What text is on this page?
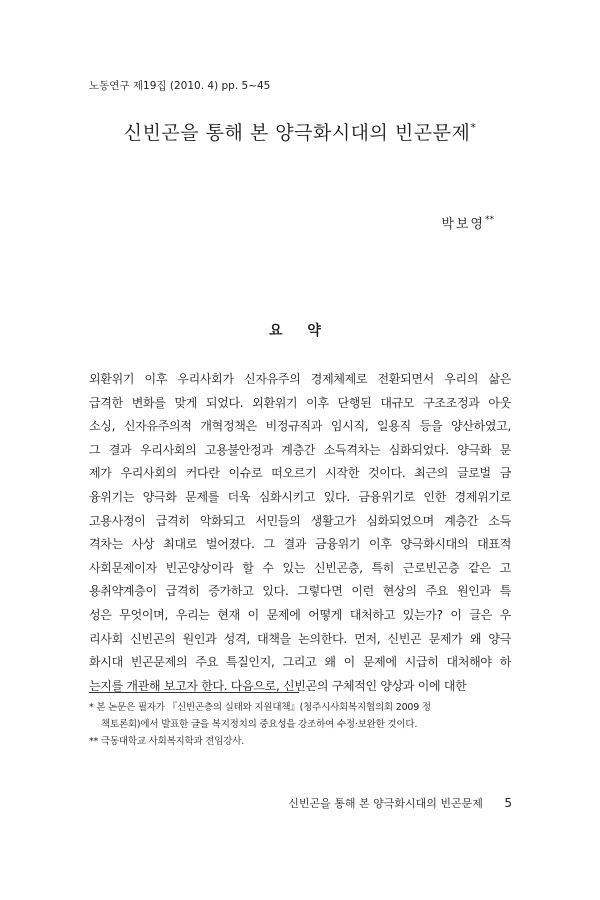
노동연구 제19집 (2010. 4) pp. 5~45
신빈곤을 통해 본 양극화시대의 빈곤문제*
박보영**
요 약
외환위기 이후 우리사회가 신자유주의 경제체제로 전환되면서 우리의 삶은
급격한 변화를 맞게 되었다. 외환위기 이후 단행된 대규모 구조조정과 아웃
소싱, 신자유주의적 개혁정책은 비정규직과 임시직, 일용직 등을 양산하였고,
그 결과 우리사회의 고용불안정과 계층간 소득격차는 심화되었다. 양극화 문
제가 우리사회의 커다란 이슈로 떠오르기 시작한 것이다. 최근의 글로벌 금
융위기는 양극화 문제를 더욱 심화시키고 있다. 금융위기로 인한 경제위기로
고용사정이 급격히 악화되고 서민들의 생활고가 심화되었으며 계층간 소득
격차는 사상 최대로 벌어졌다. 그 결과 금융위기 이후 양극화시대의 대표적
사회문제이자 빈곤양상이라 할 수 있는 신빈곤층, 특히 근로빈곤층 같은 고
용취약계층이 급격히 증가하고 있다. 그렇다면 이런 현상의 주요 원인과 특
성은 무엇이며, 우리는 현재 이 문제에 어떻게 대처하고 있는가? 이 글은 우
리사회 신빈곤의 원인과 성격, 대책을 논의한다. 먼저, 신빈곤 문제가 왜 양극
화시대 빈곤문제의 주요 특질인지, 그리고 왜 이 문제에 시급히 대처해야 하
는지를 개관해 보고자 한다. 다음으로, 신빈곤의 구체적인 양상과 이에 대한
* 본 논문은 필자가 『신빈곤층의 실태와 지원대책』(청주시사회복지협의회 2009 정
책토론회)에서 발표한 글을 복지정치의 중요성을 강조하여 수정·보완한 것이다.
** 극동대학교 사회복지학과 전임강사.
신빈곤을 통해 본 양극화시대의 빈곤문제 5
